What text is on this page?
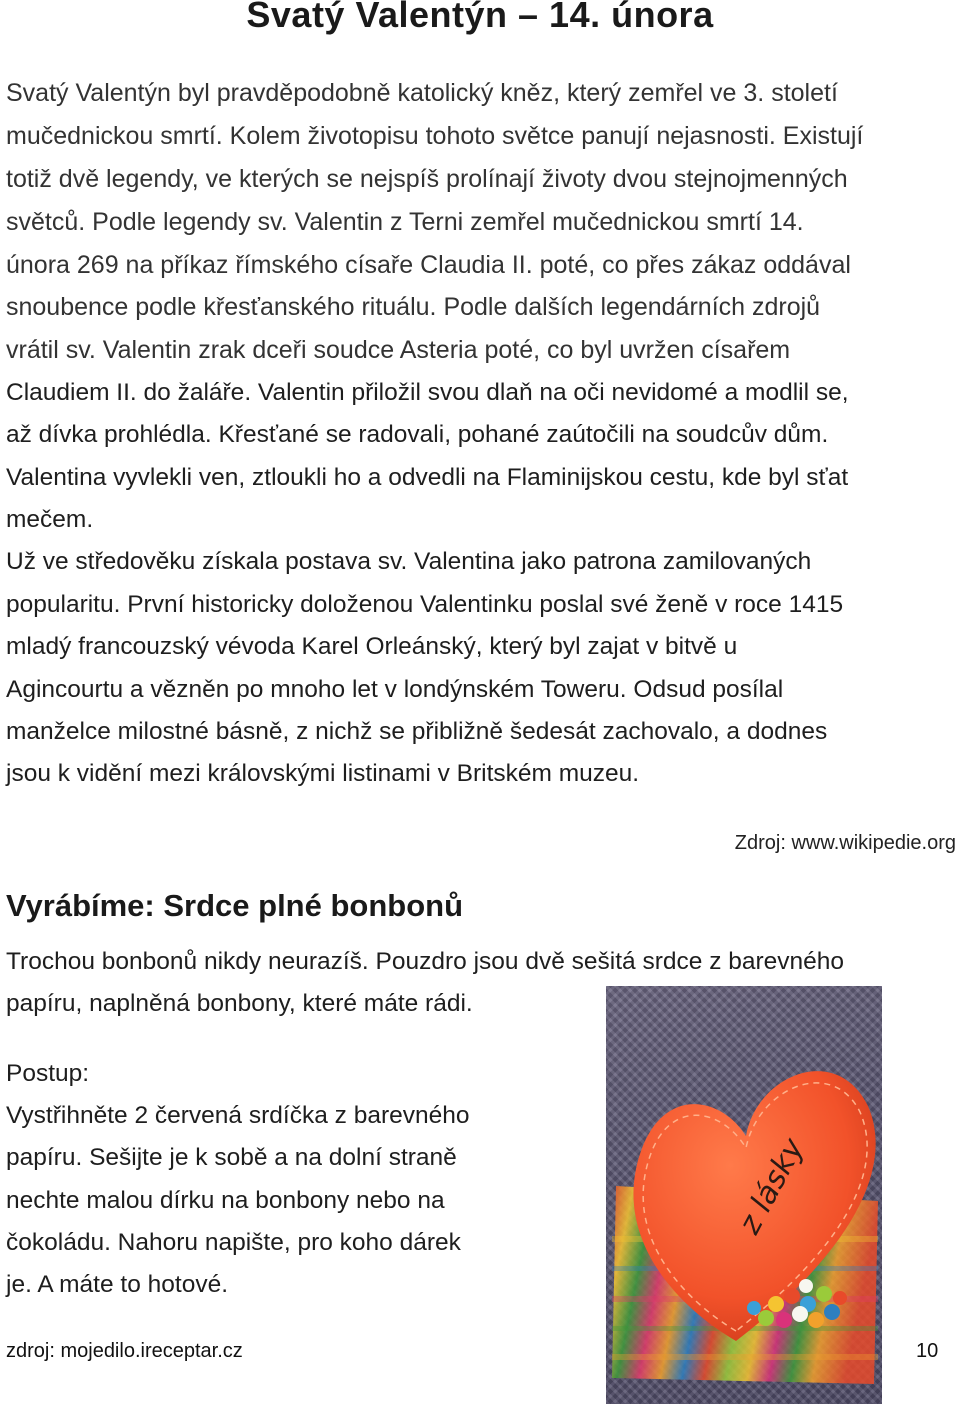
Svatý Valentýn – 14. února
Svatý Valentýn byl pravděpodobně katolický kněz, který zemřel ve 3. století
mučednickou smrtí. Kolem životopisu tohoto světce panují nejasnosti. Existují
totiž dvě legendy, ve kterých se nejspíš prolínají životy dvou stejnojmenných
světců. Podle legendy sv. Valentin z Terni zemřel mučednickou smrtí 14.
února 269 na příkaz římského císaře Claudia II. poté, co přes zákaz oddával
snoubence podle křesťanského rituálu. Podle dalších legendárních zdrojů
vrátil sv. Valentin zrak dceři soudce Asteria poté, co byl uvržen císařem
Claudiem II. do žaláře. Valentin přiložil svou dlaň na oči nevidomé a modlil se,
až dívka prohlédla. Křesťané se radovali, pohané zaútočili na soudcův dům.
Valentina vyvlekli ven, ztloukli ho a odvedli na Flaminijskou cestu, kde byl sťat
mečem.
Už ve středověku získala postava sv. Valentina jako patrona zamilovaných
popularitu. První historicky doloženou Valentinku poslal své ženě v roce 1415
mladý francouzský vévoda Karel Orleánský, který byl zajat v bitvě u
Agincourtu a vězněn po mnoho let v londýnském Toweru. Odsud posílal
manželce milostné básně, z nichž se přibližně šedesát zachovalo, a dodnes
jsou k vidění mezi královskými listinami v Britském muzeu.
Zdroj: www.wikipedie.org
Vyrábíme: Srdce plné bonbonů
Trochou bonbonů nikdy neurazíš. Pouzdro jsou dvě sešitá srdce z barevného
papíru, naplněná bonbony, které máte rádi.
Postup:
Vystřihněte 2 červená srdíčka z barevného
papíru. Sešijte je k sobě a na dolní straně
nechte malou dírku na bonbony nebo na
čokoládu. Nahoru napište, pro koho dárek
je. A máte to hotové.
z lásky
zdroj: mojedilo.ireceptar.cz	10
